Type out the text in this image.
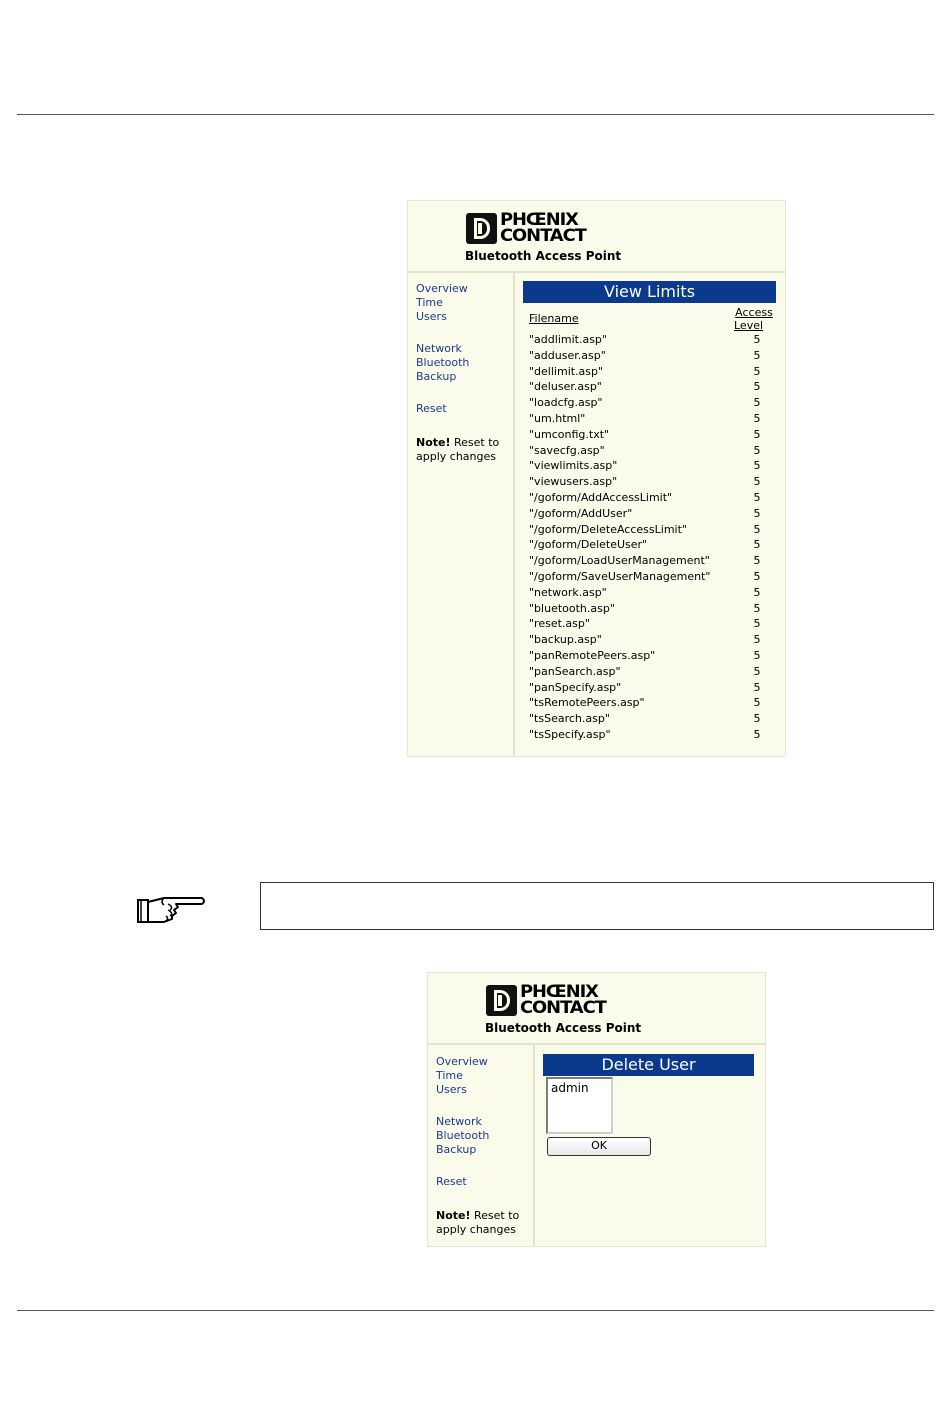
PHŒNIX
CONTACT
Bluetooth Access Point
Overview
Time
Users
Network
Bluetooth
Backup
Reset
Note! Reset to
apply changes
View Limits
Filename	Access
Level
"addlimit.asp"	5
"adduser.asp"	5
"dellimit.asp"	5
"deluser.asp"	5
"loadcfg.asp"	5
"um.html"	5
"umconfig.txt"	5
"savecfg.asp"	5
"viewlimits.asp"	5
"viewusers.asp"	5
"/goform/AddAccessLimit"	5
"/goform/AddUser"	5
"/goform/DeleteAccessLimit"	5
"/goform/DeleteUser"	5
"/goform/LoadUserManagement"	5
"/goform/SaveUserManagement"	5
"network.asp"	5
"bluetooth.asp"	5
"reset.asp"	5
"backup.asp"	5
"panRemotePeers.asp"	5
"panSearch.asp"	5
"panSpecify.asp"	5
"tsRemotePeers.asp"	5
"tsSearch.asp"	5
"tsSpecify.asp"	5
PHŒNIX
CONTACT
Bluetooth Access Point
Overview
Time
Users
Network
Bluetooth
Backup
Reset
Note! Reset to
apply changes
Delete User
admin
OK
